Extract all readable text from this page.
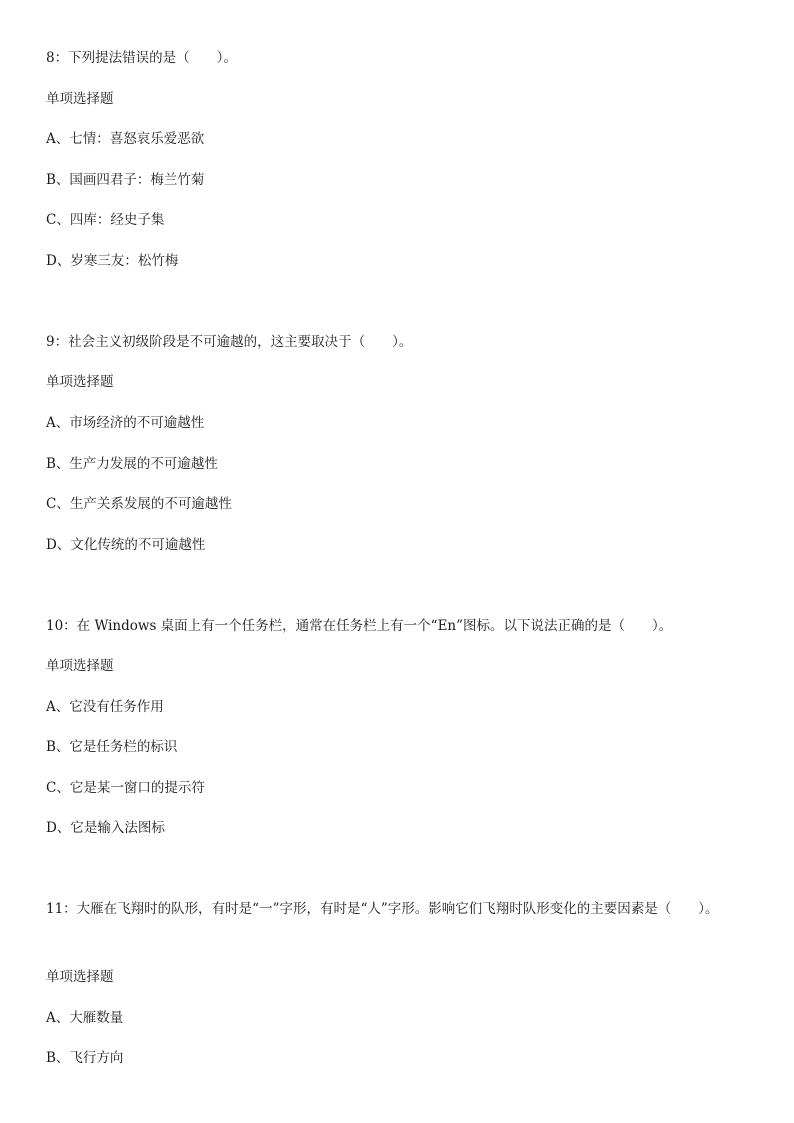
8：下列提法错误的是（　　）。
单项选择题
A、七情：喜怒哀乐爱恶欲
B、国画四君子：梅兰竹菊
C、四库：经史子集
D、岁寒三友：松竹梅
9：社会主义初级阶段是不可逾越的，这主要取决于（　　）。
单项选择题
A、市场经济的不可逾越性
B、生产力发展的不可逾越性
C、生产关系发展的不可逾越性
D、文化传统的不可逾越性
10：在 Windows 桌面上有一个任务栏，通常在任务栏上有一个“En”图标。以下说法正确的是（　　）。
单项选择题
A、它没有任务作用
B、它是任务栏的标识
C、它是某一窗口的提示符
D、它是输入法图标
11：大雁在飞翔时的队形，有时是“一”字形，有时是“人”字形。影响它们飞翔时队形变化的主要因素是（　　）。
单项选择题
A、大雁数量
B、飞行方向
